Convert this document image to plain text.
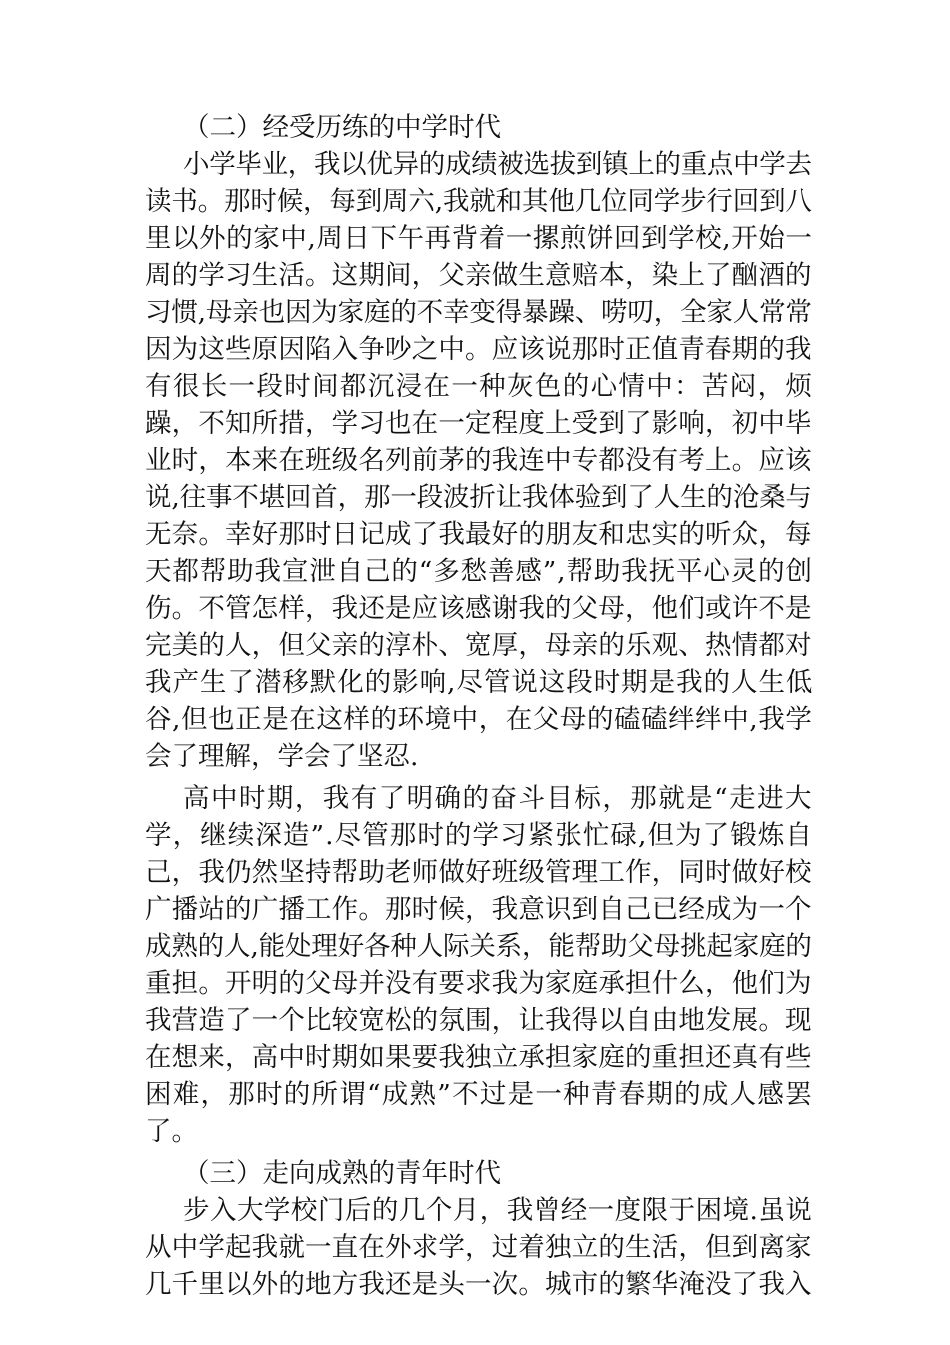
（二）经受历练的中学时代
小学毕业，我以优异的成绩被选拔到镇上的重点中学去
读书。那时候，每到周六,我就和其他几位同学步行回到八
里以外的家中,周日下午再背着一摞煎饼回到学校,开始一
周的学习生活。这期间，父亲做生意赔本，染上了酗酒的
习惯,母亲也因为家庭的不幸变得暴躁、唠叨，全家人常常
因为这些原因陷入争吵之中。应该说那时正值青春期的我
有很长一段时间都沉浸在一种灰色的心情中：苦闷，烦
躁，不知所措，学习也在一定程度上受到了影响，初中毕
业时，本来在班级名列前茅的我连中专都没有考上。应该
说,往事不堪回首，那一段波折让我体验到了人生的沧桑与
无奈。幸好那时日记成了我最好的朋友和忠实的听众，每
天都帮助我宣泄自己的“多愁善感”,帮助我抚平心灵的创
伤。不管怎样，我还是应该感谢我的父母，他们或许不是
完美的人，但父亲的淳朴、宽厚，母亲的乐观、热情都对
我产生了潜移默化的影响,尽管说这段时期是我的人生低
谷,但也正是在这样的环境中，在父母的磕磕绊绊中,我学
会了理解，学会了坚忍.
高中时期，我有了明确的奋斗目标，那就是“走进大
学，继续深造”.尽管那时的学习紧张忙碌,但为了锻炼自
己，我仍然坚持帮助老师做好班级管理工作，同时做好校
广播站的广播工作。那时候，我意识到自己已经成为一个
成熟的人,能处理好各种人际关系，能帮助父母挑起家庭的
重担。开明的父母并没有要求我为家庭承担什么，他们为
我营造了一个比较宽松的氛围，让我得以自由地发展。现
在想来，高中时期如果要我独立承担家庭的重担还真有些
困难，那时的所谓“成熟”不过是一种青春期的成人感罢
了。
（三）走向成熟的青年时代
步入大学校门后的几个月，我曾经一度限于困境.虽说
从中学起我就一直在外求学，过着独立的生活，但到离家
几千里以外的地方我还是头一次。城市的繁华淹没了我入
